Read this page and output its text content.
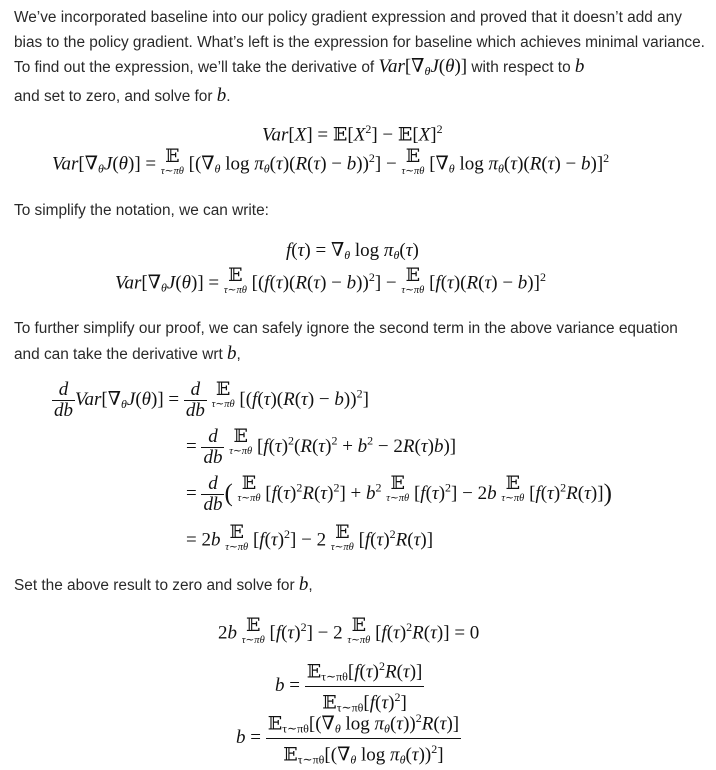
We’ve incorporated baseline into our policy gradient expression and proved that it doesn’t add any bias to the policy gradient. What’s left is the expression for baseline which achieves minimal variance. To find out the expression, we’ll take the derivative of $Var[\nabla_\theta J(\theta)]$ with respect to b
and set to zero, and solve for b.

$Var[X] = 𝔼[X^2]$ − $𝔼[X]^2$
$Var[\nabla_\theta J(\theta)]$ = 𝔼
τ∼πθ [($\nabla_\theta$ $\log \pi_\theta(\tau)(R(\tau) - b))^2$] − 𝔼
τ∼πθ [$\nabla_\theta$ $\log \pi_\theta(\tau)(R(\tau) - b)]^2$

To simplify the notation, we can write:

$f(\tau) = \nabla_\theta$ $\log \pi_\theta(\tau)$
$Var[\nabla_\theta J(\theta)]$ = 𝔼
τ∼πθ $[(f(\tau)(R(\tau) - b))^2]$ − 𝔼
τ∼πθ $[f(\tau)(R(\tau) - b)]^2$

To further simplify our proof, we can safely ignore the second term in the above variance equation and can take the derivative wrt b,

$\frac{d}{db} Var[\nabla_\theta J(\theta)] = \frac{d}{db}$ 𝔼
τ∼πθ $[(f(\tau)(R(\tau) - b))^2]$
= $\frac{d}{db}$ 𝔼
τ∼πθ $[f(\tau)^2(R(\tau)^2 + b^2 - 2R(\tau)b)]$
= $\frac{d}{db}$ ( 𝔼
τ∼πθ $[f(\tau)^2R(\tau)^2] + b^2$ 𝔼
τ∼πθ $[f(\tau)^2] - 2b$ 𝔼
τ∼πθ $[f(\tau)^2R(\tau)]$)
= 2b 𝔼
τ∼πθ $[f(\tau)^2] - 2$ 𝔼
τ∼πθ $[f(\tau)^2R(\tau)]$

Set the above result to zero and solve for b,

2b 𝔼
τ∼πθ $[f(\tau)^2] - 2$ 𝔼
τ∼πθ $[f(\tau)^2R(\tau)] = 0$
$b = \frac{𝔼_{\tau\sim\pi\theta}[f(\tau)^2R(\tau)]}{𝔼_{\tau\sim\pi\theta}[f(\tau)^2]}$
$b = \frac{𝔼_{\tau\sim\pi\theta}[(\nabla_\theta \log \pi_\theta(\tau))^2R(\tau)]}{𝔼_{\tau\sim\pi\theta}[(\nabla_\theta \log \pi_\theta(\tau))^2]}$
